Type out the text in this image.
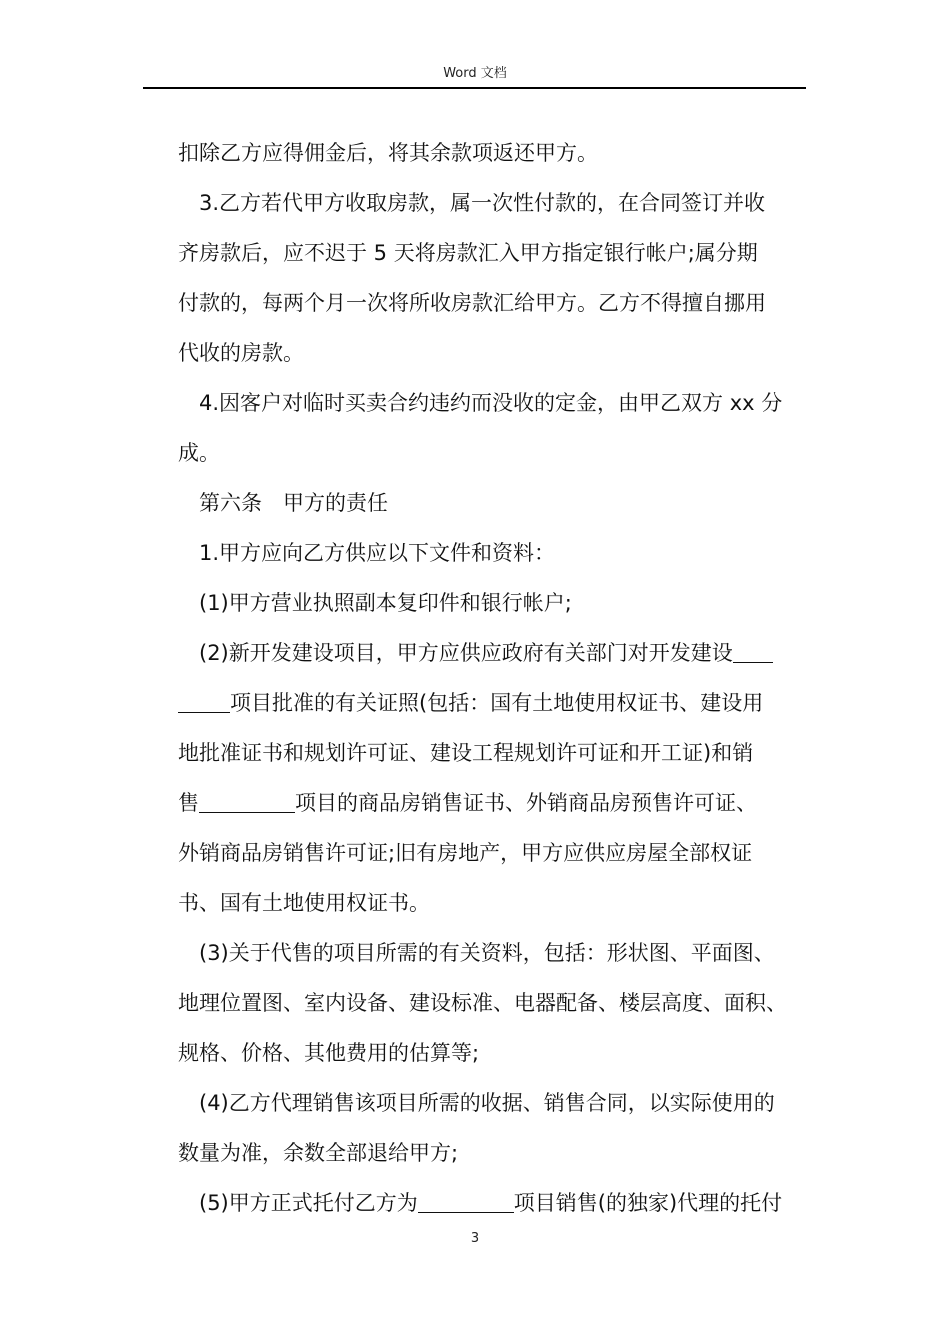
Word 文档
扣除乙方应得佣金后，将其余款项返还甲方。
3.乙方若代甲方收取房款，属一次性付款的，在合同签订并收
齐房款后，应不迟于 5 天将房款汇入甲方指定银行帐户;属分期
付款的，每两个月一次将所收房款汇给甲方。乙方不得擅自挪用
代收的房款。
4.因客户对临时买卖合约违约而没收的定金，由甲乙双方 xx 分
成。
第六条　甲方的责任
1.甲方应向乙方供应以下文件和资料：
(1)甲方营业执照副本复印件和银行帐户;
(2)新开发建设项目，甲方应供应政府有关部门对开发建设
项目批准的有关证照(包括：国有土地使用权证书、建设用
地批准证书和规划许可证、建设工程规划许可证和开工证)和销
售	项目的商品房销售证书、外销商品房预售许可证、
外销商品房销售许可证;旧有房地产，甲方应供应房屋全部权证
书、国有土地使用权证书。
(3)关于代售的项目所需的有关资料，包括：形状图、平面图、
地理位置图、室内设备、建设标准、电器配备、楼层高度、面积、
规格、价格、其他费用的估算等;
(4)乙方代理销售该项目所需的收据、销售合同，以实际使用的
数量为准，余数全部退给甲方;
(5)甲方正式托付乙方为	项目销售(的独家)代理的托付
3
